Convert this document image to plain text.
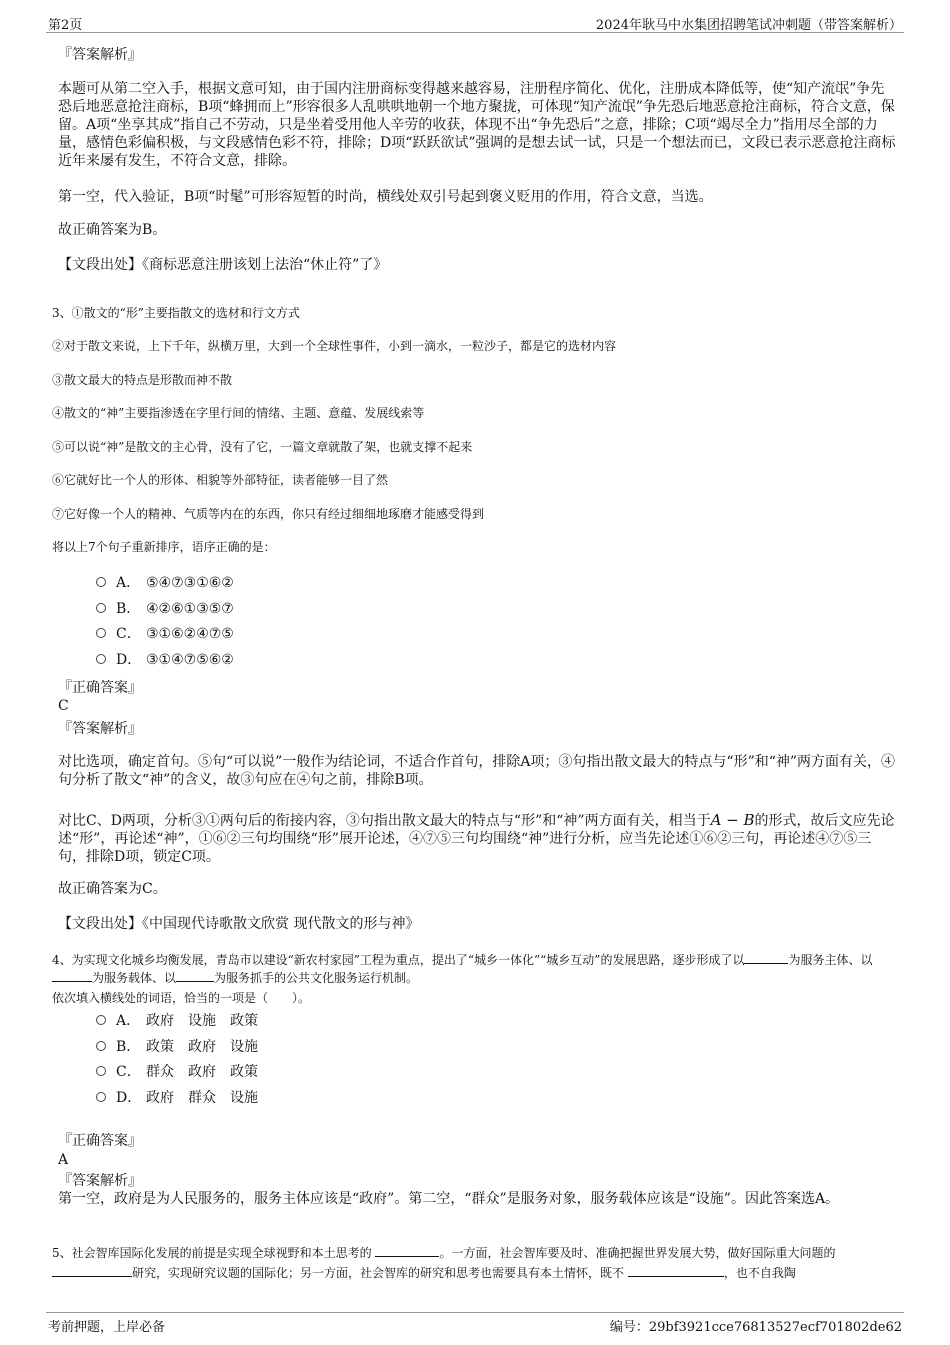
第2页	2024年耿马中水集团招聘笔试冲刺题（带答案解析）

『答案解析』

本题可从第二空入手，根据文意可知，由于国内注册商标变得越来越容易，注册程序简化、优化，注册成本降低等，使“知产流氓”争先恐后地恶意抢注商标，B项“蜂拥而上”形容很多人乱哄哄地朝一个地方聚拢，可体现“知产流氓”争先恐后地恶意抢注商标，符合文意，保留。A项“坐享其成”指自己不劳动，只是坐着受用他人辛劳的收获，体现不出“争先恐后”之意，排除；C项“竭尽全力”指用尽全部的力量，感情色彩偏积极，与文段感情色彩不符，排除；D项“跃跃欲试”强调的是想去试一试，只是一个想法而已，文段已表示恶意抢注商标近年来屡有发生，不符合文意，排除。

第一空，代入验证，B项“时髦”可形容短暂的时尚，横线处双引号起到褒义贬用的作用，符合文意，当选。

故正确答案为B。

【文段出处】《商标恶意注册该划上法治“休止符”了》

3、①散文的“形”主要指散文的选材和行文方式

②对于散文来说，上下千年，纵横万里，大到一个全球性事件，小到一滴水，一粒沙子，都是它的选材内容

③散文最大的特点是形散而神不散

④散文的“神”主要指渗透在字里行间的情绪、主题、意蕴、发展线索等

⑤可以说“神”是散文的主心骨，没有了它，一篇文章就散了架，也就支撑不起来

⑥它就好比一个人的形体、相貌等外部特征，读者能够一目了然

⑦它好像一个人的精神、气质等内在的东西，你只有经过细细地琢磨才能感受得到

将以上7个句子重新排序，语序正确的是：

A． ⑤④⑦③①⑥②
B． ④②⑥①③⑤⑦
C． ③①⑥②④⑦⑤
D． ③①④⑦⑤⑥②

『正确答案』

C

『答案解析』

对比选项，确定首句。⑤句“可以说”一般作为结论词，不适合作首句，排除A项；③句指出散文最大的特点与“形”和“神”两方面有关，④句分析了散文“神”的含义，故③句应在④句之前，排除B项。

对比C、D两项，分析③①两句后的衔接内容，③句指出散文最大的特点与“形”和“神”两方面有关，相当于A − B的形式，故后文应先论述“形”，再论述“神”，①⑥②三句均围绕“形”展开论述，④⑦⑤三句均围绕“神”进行分析，应当先论述①⑥②三句，再论述④⑦⑤三句，排除D项，锁定C项。

故正确答案为C。

【文段出处】《中国现代诗歌散文欣赏 现代散文的形与神》

4、为实现文化城乡均衡发展，青岛市以建设“新农村家园”工程为重点，提出了“城乡一体化”“城乡互动”的发展思路，逐步形成了以	为服务主体、以为服务载体、以	为服务抓手的公共文化服务运行机制。

依次填入横线处的词语，恰当的一项是（　　）。

A． 政府　设施　政策
B． 政策　政府　设施
C． 群众　政府　政策
D． 政府　群众　设施

『正确答案』

A

『答案解析』

第一空，政府是为人民服务的，服务主体应该是“政府”。第二空，“群众”是服务对象，服务载体应该是“设施”。因此答案选A。

5、社会智库国际化发展的前提是实现全球视野和本土思考的	。一方面，社会智库要及时、准确把握世界发展大势，做好国际重大问题的 研究，实现研究议题的国际化；另一方面，社会智库的研究和思考也需要具有本土情怀，既不	，也不自我陶

考前押题，上岸必备	编号：29bf3921cce76813527ecf701802de62
